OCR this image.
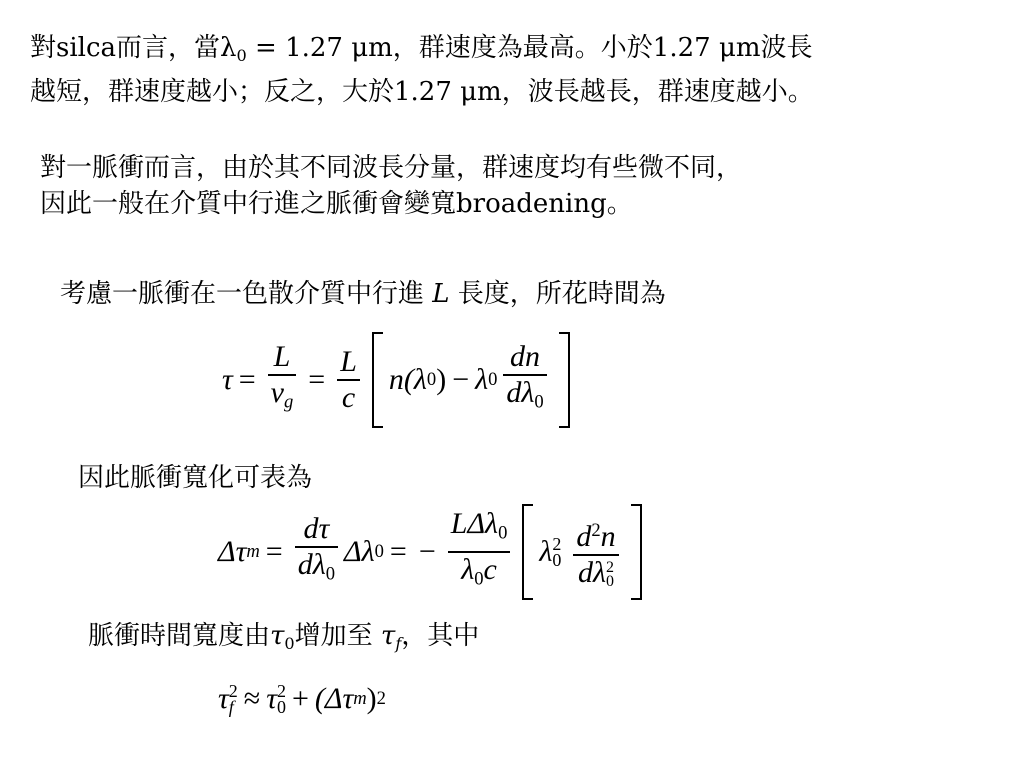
對silca而言，當$\lambda_0 = 1.27$ μm，群速度為最高。小於1.27 μm波長
越短，群速度越小；反之，大於1.27 μm，波長越長，群速度越小。
對一脈衝而言，由於其不同波長分量，群速度均有些微不同，
因此一般在介質中行進之脈衝會變寬broadening。
考慮一脈衝在一色散介質中行進 L 長度，所花時間為
$\tau = \frac{L}{v_g} = \frac{L}{c} n(\lambda$ 0 ) − λ $0 \frac{dn}{d\lambda_0}$
因此脈衝寬化可表為
Δτ $m = \frac{d\tau}{d\lambda_0}$ Δλ 0 = − $\frac{L\Delta\lambda_0}{\lambda_0c}$ λ 2
0 $d^2n$
dλ 2
0
脈衝時間寬度由$\tau_0$增加至 $\tau_f$，其中
τ 2
f ≈ τ 2
0 + (Δτ m ) 2
